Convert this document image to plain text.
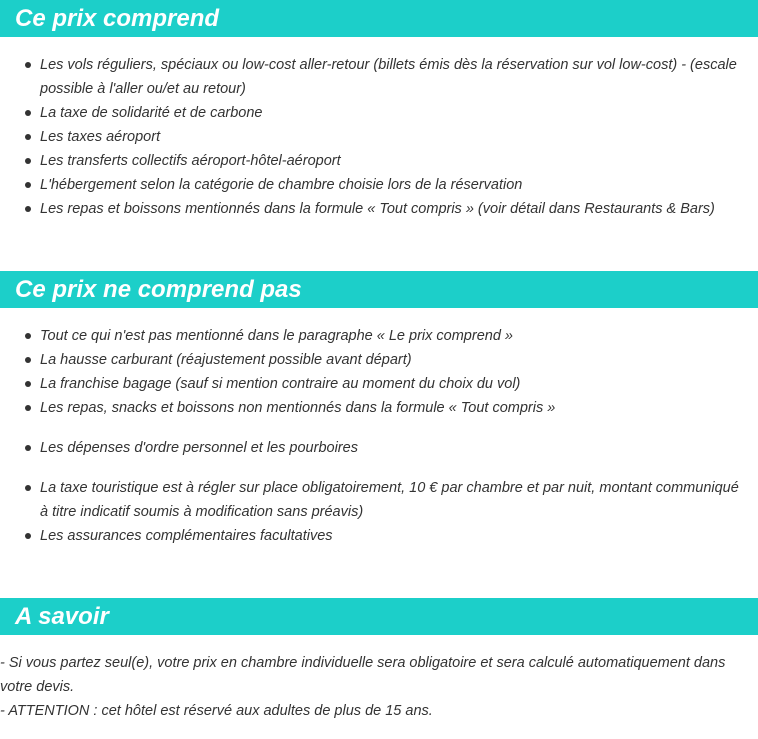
Ce prix comprend
Les vols réguliers, spéciaux ou low-cost aller-retour (billets émis dès la réservation sur vol low-cost) - (escale possible à l'aller ou/et au retour)
La taxe de solidarité et de carbone
Les taxes aéroport
Les transferts collectifs aéroport-hôtel-aéroport
L'hébergement selon la catégorie de chambre choisie lors de la réservation
Les repas et boissons mentionnés dans la formule « Tout compris » (voir détail dans Restaurants & Bars)
Ce prix ne comprend pas
Tout ce qui n'est pas mentionné dans le paragraphe « Le prix comprend »
La hausse carburant (réajustement possible avant départ)
La franchise bagage (sauf si mention contraire au moment du choix du vol)
Les repas, snacks et boissons non mentionnés dans la formule « Tout compris »
Les dépenses d'ordre personnel et les pourboires
La taxe touristique est à régler sur place obligatoirement, 10 € par chambre et par nuit, montant communiqué à titre indicatif soumis à modification sans préavis)
Les assurances complémentaires facultatives
A savoir

- Si vous partez seul(e), votre prix en chambre individuelle sera obligatoire et sera calculé automatiquement dans votre devis.

- ATTENTION : cet hôtel est réservé aux adultes de plus de 15 ans.
